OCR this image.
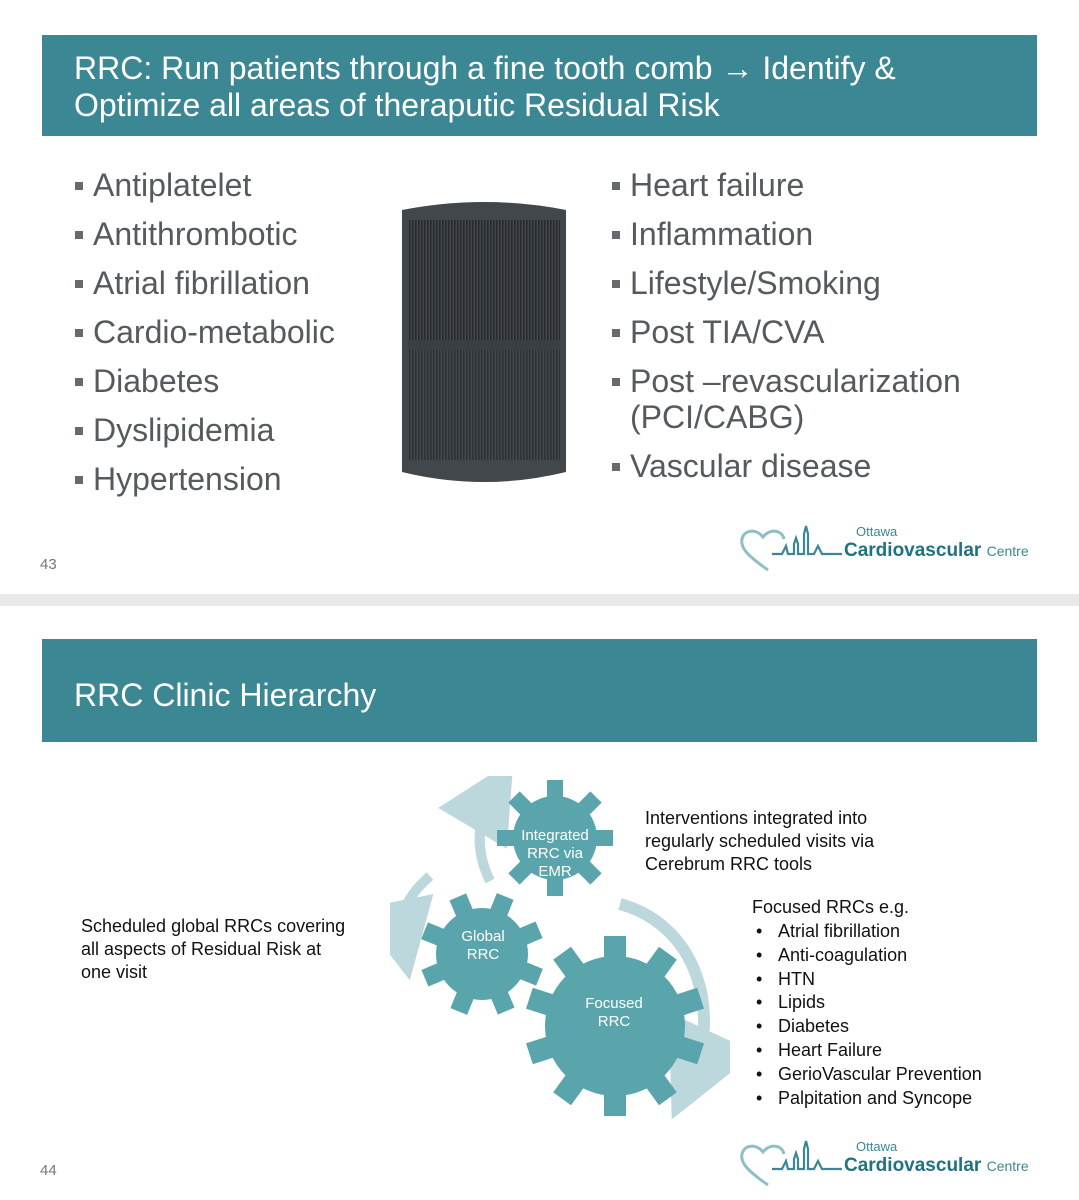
RRC: Run patients through a fine tooth comb → Identify &
Optimize all areas of theraputic Residual Risk
Antiplatelet
Antithrombotic
Atrial fibrillation
Cardio-metabolic
Diabetes
Dyslipidemia
Hypertension
Heart failure
Inflammation
Lifestyle/Smoking
Post TIA/CVA
Post –revascularization (PCI/CABG)
Vascular disease
43
Ottawa
Cardiovascular Centre
RRC Clinic Hierarchy
Integrated
RRC via
EMR
Global
RRC
Focused
RRC
Interventions integrated into
regularly scheduled visits via
Cerebrum RRC tools
Scheduled global RRCs covering
all aspects of Residual Risk at
one visit
Focused RRCs e.g.
• Atrial fibrillation
• Anti-coagulation
• HTN
• Lipids
• Diabetes
• Heart Failure
• GerioVascular Prevention
• Palpitation and Syncope
44
Ottawa
Cardiovascular Centre
